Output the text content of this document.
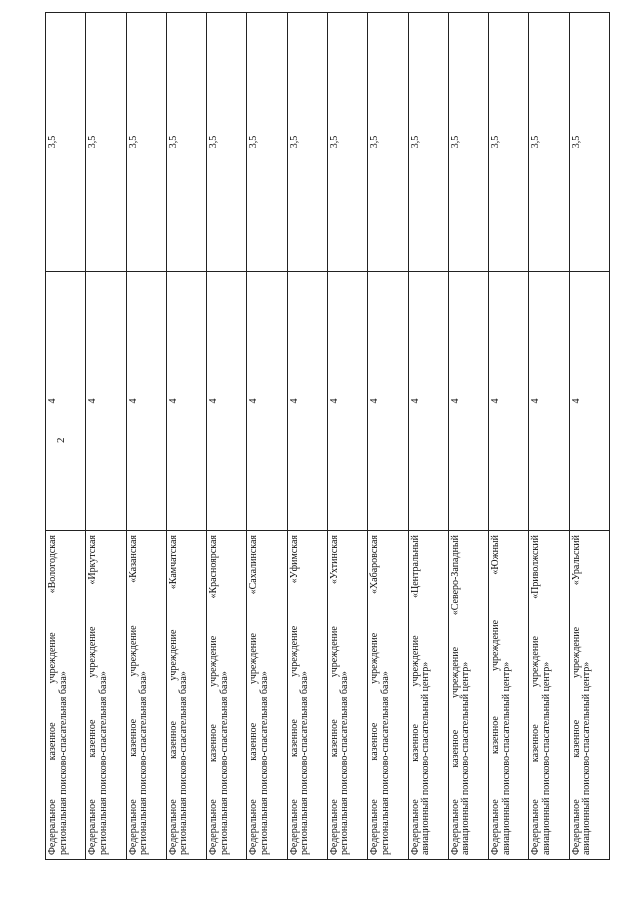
2
Федеральное казенное учреждение «Вологодская региональная поисково-спасательная база»	4	3,5

Федеральное казенное учреждение «Иркутская региональная поисково-спасательная база»	4	3,5

Федеральное казенное учреждение «Казанская региональная поисково-спасательная база»	4	3,5

Федеральное казенное учреждение «Камчатская региональная поисково-спасательная база»	4	3,5

Федеральное казенное учреждение «Красноярская региональная поисково-спасательная база»	4	3,5

Федеральное казенное учреждение «Сахалинская региональная поисково-спасательная база»	4	3,5

Федеральное казенное учреждение «Уфимская региональная поисково-спасательная база»	4	3,5

Федеральное казенное учреждение «Ухтинская региональная поисково-спасательная база»	4	3,5

Федеральное казенное учреждение «Хабаровская региональная поисково-спасательная база»	4	3,5

Федеральное казенное учреждение «Центральный авиационный поисково-спасательный центр»	4	3,5

Федеральное казенное учреждение «Северо-Западный авиационный поисково-спасательный центр»	4	3,5

Федеральное казенное учреждение «Южный авиационный поисково-спасательный центр»	4	3,5

Федеральное казенное учреждение «Приволжский авиационный поисково-спасательный центр»	4	3,5

Федеральное казенное учреждение «Уральский авиационный поисково-спасательный центр»	4	3,5
